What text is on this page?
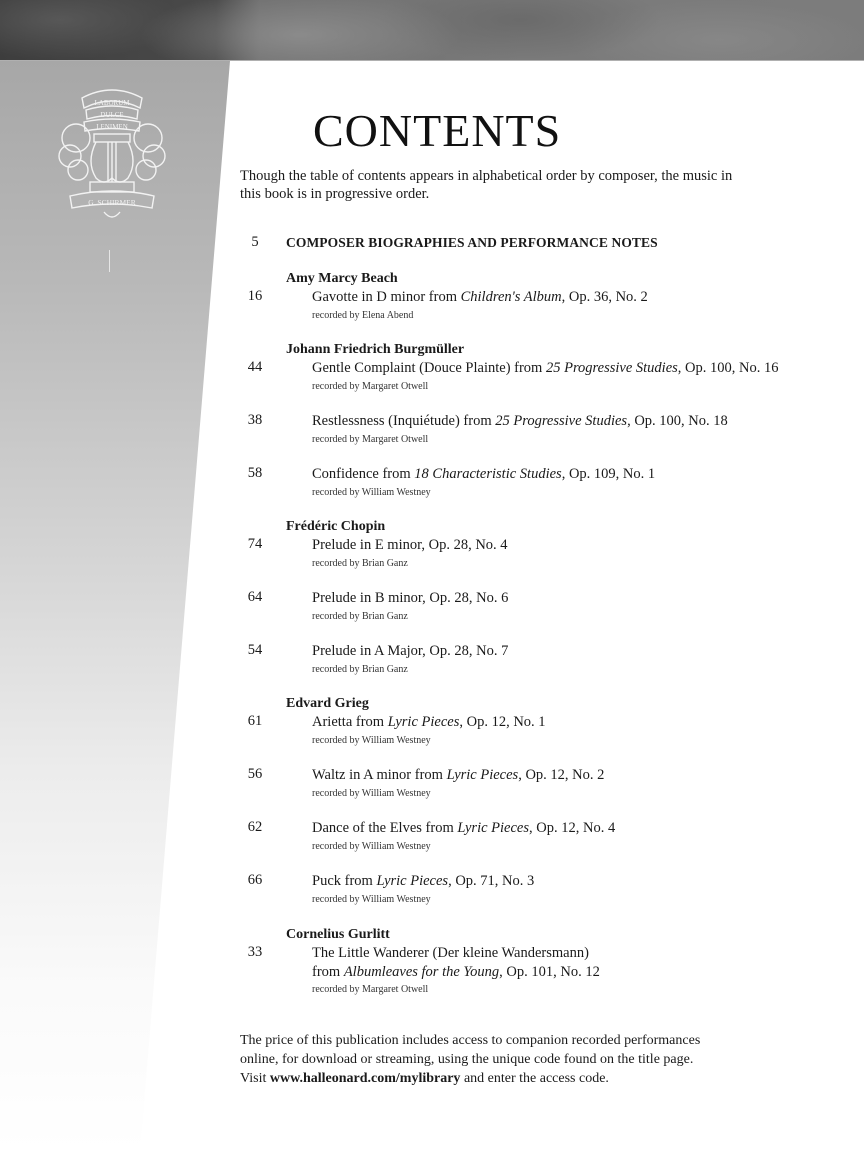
LABORUM
DULCE
LENIMEN
G. SCHIRMER
CONTENTS

Though the table of contents appears in alphabetical order by composer, the music in this book is in progressive order.

5	COMPOSER BIOGRAPHIES AND PERFORMANCE NOTES
Amy Marcy Beach
16	Gavotte in D minor from Children's Album, Op. 36, No. 2
recorded by Elena Abend
Johann Friedrich Burgmüller
44	Gentle Complaint (Douce Plainte) from 25 Progressive Studies, Op. 100, No. 16
recorded by Margaret Otwell
38	Restlessness (Inquiétude) from 25 Progressive Studies, Op. 100, No. 18
recorded by Margaret Otwell
58	Confidence from 18 Characteristic Studies, Op. 109, No. 1
recorded by William Westney
Frédéric Chopin
74	Prelude in E minor, Op. 28, No. 4
recorded by Brian Ganz
64	Prelude in B minor, Op. 28, No. 6
recorded by Brian Ganz
54	Prelude in A Major, Op. 28, No. 7
recorded by Brian Ganz
Edvard Grieg
61	Arietta from Lyric Pieces, Op. 12, No. 1
recorded by William Westney
56	Waltz in A minor from Lyric Pieces, Op. 12, No. 2
recorded by William Westney
62	Dance of the Elves from Lyric Pieces, Op. 12, No. 4
recorded by William Westney
66	Puck from Lyric Pieces, Op. 71, No. 3
recorded by William Westney
Cornelius Gurlitt
33	The Little Wanderer (Der kleine Wandersmann)
from Albumleaves for the Young, Op. 101, No. 12
recorded by Margaret Otwell

The price of this publication includes access to companion recorded performances
online, for download or streaming, using the unique code found on the title page.
Visit www.halleonard.com/mylibrary and enter the access code.
